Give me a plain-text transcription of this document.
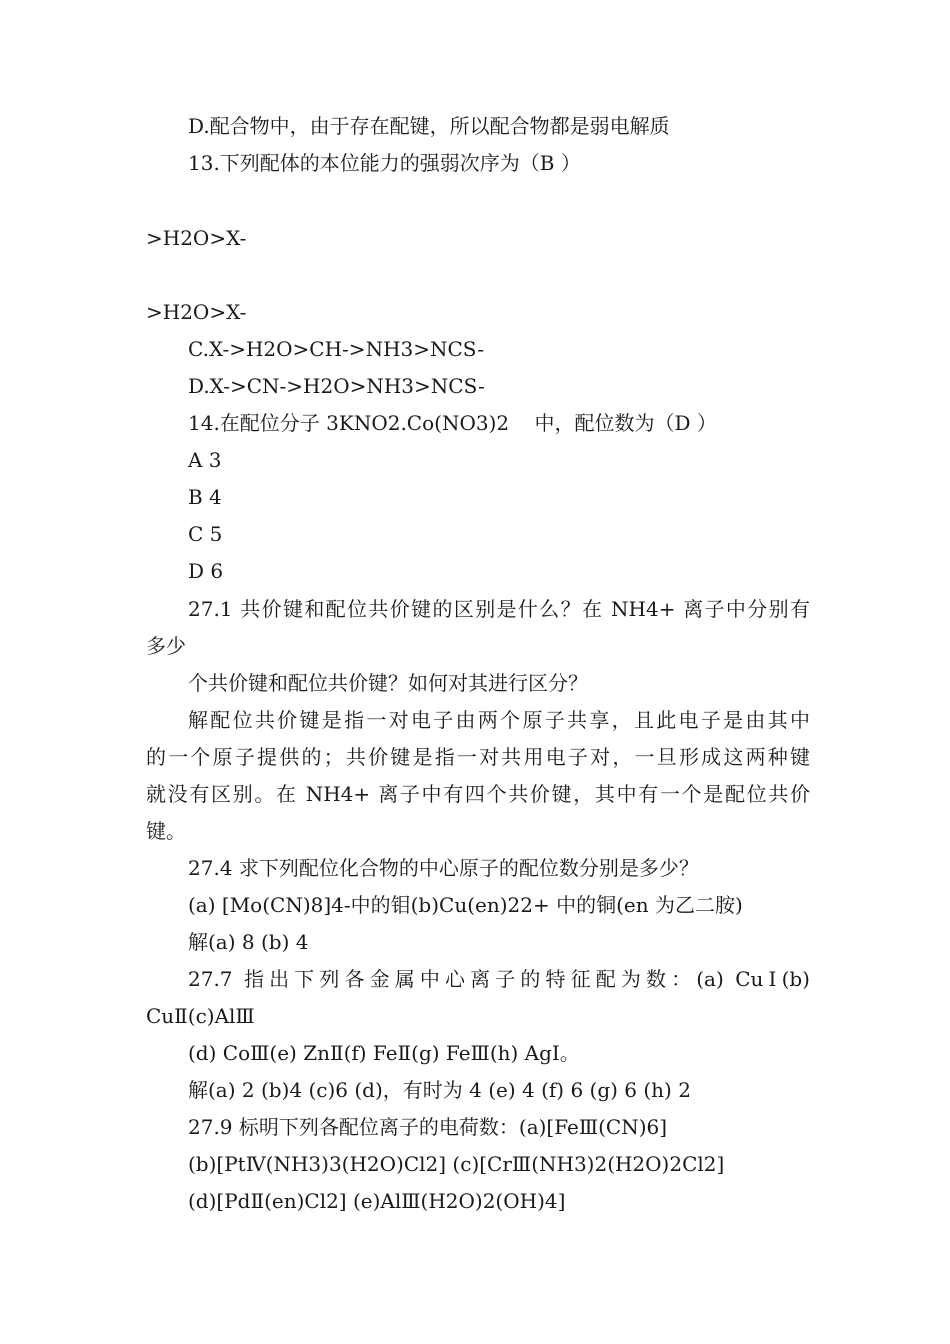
D.配合物中，由于存在配键，所以配合物都是弱电解质
13.下列配体的本位能力的强弱次序为（B ）
>H2O>X-
>H2O>X-
C.X->H2O>CH->NH3>NCS-
D.X->CN->H2O>NH3>NCS-
14.在配位分子 3KNO2.Co(NO3)2    中，配位数为（D ）
A 3
B 4
C 5
D 6
27.1 共价键和配位共价键的区别是什么？在 NH4+ 离子中分别有
多少
个共价键和配位共价键？如何对其进行区分？
解配位共价键是指一对电子由两个原子共享，且此电子是由其中
的一个原子提供的；共价键是指一对共用电子对，一旦形成这两种键
就没有区别。在 NH4+ 离子中有四个共价键，其中有一个是配位共价
键。
27.4 求下列配位化合物的中心原子的配位数分别是多少？
(a) [Mo(CN)8]4-中的钼(b)Cu(en)22+ 中的铜(en 为乙二胺)
解(a) 8 (b) 4
27.7 指出下列各金属中心离子的特征配为数：(a) CuⅠ(b)
CuⅡ(c)AlⅢ
(d) CoⅢ(e) ZnⅡ(f) FeⅡ(g) FeⅢ(h) AgⅠ。
解(a) 2 (b)4 (c)6 (d)，有时为 4 (e) 4 (f) 6 (g) 6 (h) 2
27.9 标明下列各配位离子的电荷数：(a)[FeⅢ(CN)6]
(b)[PtⅣ(NH3)3(H2O)Cl2] (c)[CrⅢ(NH3)2(H2O)2Cl2]
(d)[PdⅡ(en)Cl2] (e)AlⅢ(H2O)2(OH)4]
